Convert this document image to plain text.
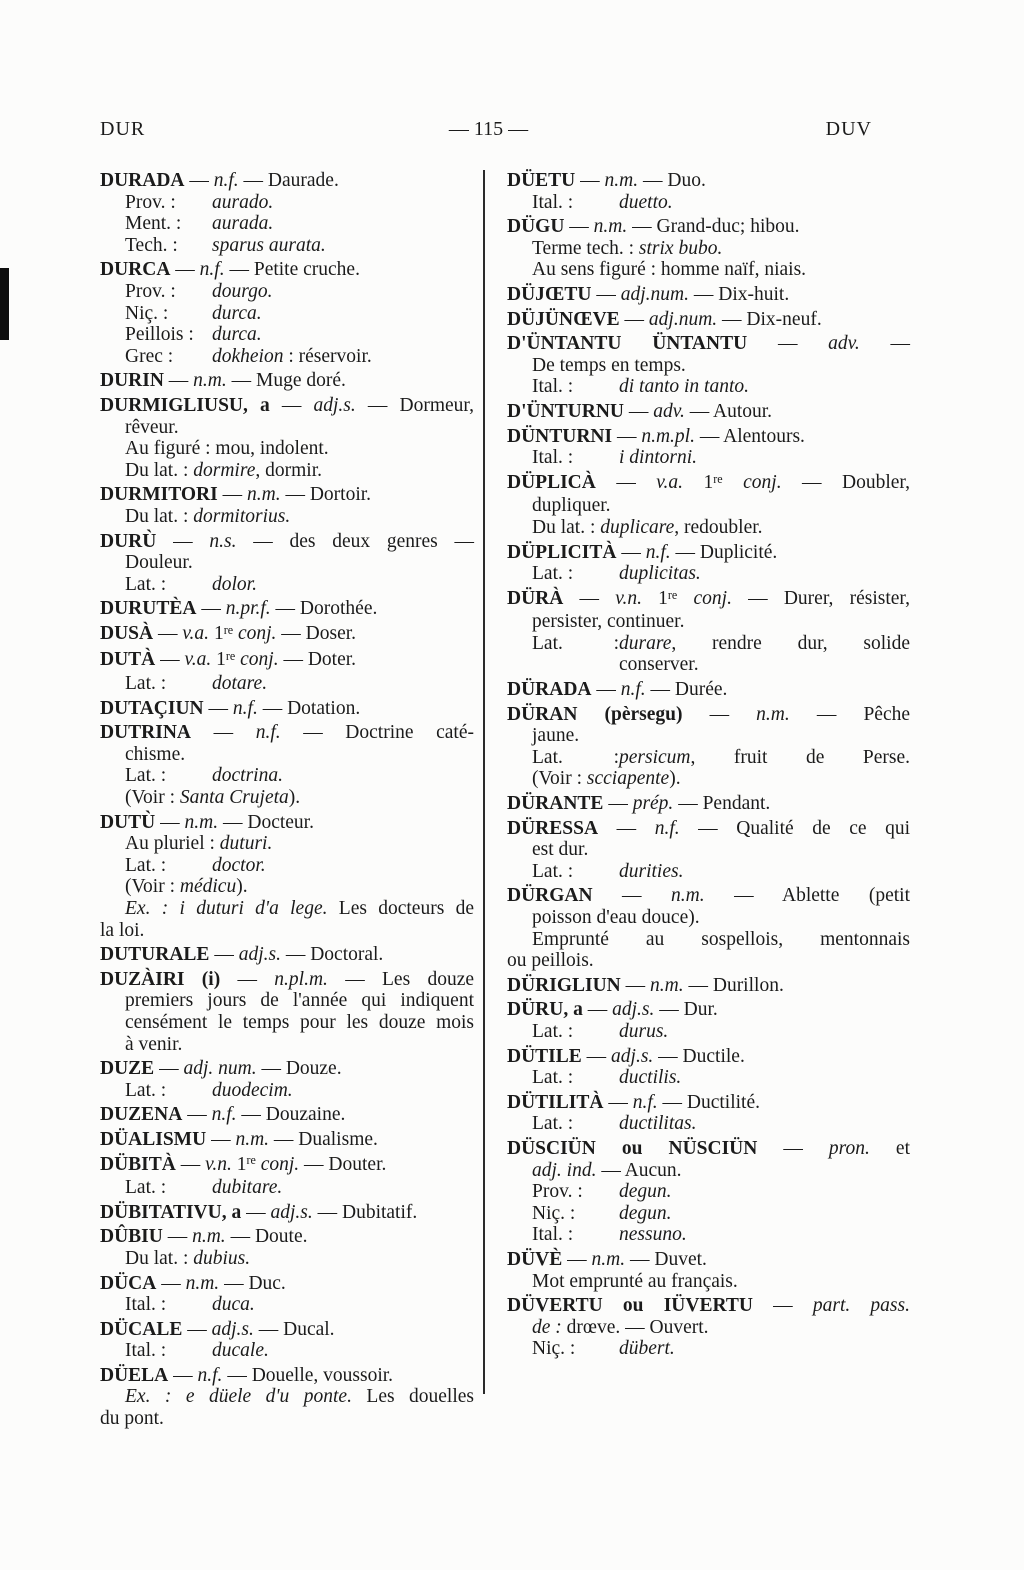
DUR	— 115 —	DUV
DURADA — n.f. — Daurade.
Prov. : aurado.
Ment. : aurada.
Tech. : sparus aurata.
DURCA — n.f. — Petite cruche.
Prov. : dourgo.
Niç. : durca.
Peillois : durca.
Grec : dokheion : réservoir.
DURIN — n.m. — Muge doré.
DURMIGLIUSU, a — adj.s. — Dormeur,
rêveur.
Au figuré : mou, indolent.
Du lat. : dormire, dormir.
DURMITORI — n.m. — Dortoir.
Du lat. : dormitorius.
DURÙ — n.s. — des deux genres —
Douleur.
Lat. : dolor.
DURUTÈA — n.pr.f. — Dorothée.
DUSÀ — v.a. 1re conj. — Doser.
DUTÀ — v.a. 1re conj. — Doter.
Lat. : dotare.
DUTAÇIUN — n.f. — Dotation.
DUTRINA — n.f. — Doctrine caté-
chisme.
Lat. : doctrina.
(Voir : Santa Crujeta).
DUTÙ — n.m. — Docteur.
Au pluriel : duturi.
Lat. : doctor.
(Voir : médicu).
Ex. : i duturi d'a lege. Les docteurs de
la loi.
DUTURALE — adj.s. — Doctoral.
DUZÀIRI (i) — n.pl.m. — Les douze
premiers jours de l'année qui indiquent
censément le temps pour les douze mois
à venir.
DUZE — adj. num. — Douze.
Lat. : duodecim.
DUZENA — n.f. — Douzaine.
DÜALISMU — n.m. — Dualisme.
DÜBITÀ — v.n. 1re conj. — Douter.
Lat. : dubitare.
DÜBITATIVU, a — adj.s. — Dubitatif.
DÛBIU — n.m. — Doute.
Du lat. : dubius.
DÜCA — n.m. — Duc.
Ital. : duca.
DÜCALE — adj.s. — Ducal.
Ital. : ducale.
DÜELA — n.f. — Douelle, voussoir.
Ex. : e düele d'u ponte. Les douelles
du pont.
DÜETU — n.m. — Duo.
Ital. : duetto.
DÜGU — n.m. — Grand-duc; hibou.
Terme tech. : strix bubo.
Au sens figuré : homme naïf, niais.
DÜJŒTU — adj.num. — Dix-huit.
DÜJÜNŒVE — adj.num. — Dix-neuf.
D'ÜNTANTU ÜNTANTU — adv. —
De temps en temps.
Ital. : di tanto in tanto.
D'ÜNTURNU — adv. — Autour.
DÜNTURNI — n.m.pl. — Alentours.
Ital. : i dintorni.
DÜPLICÀ — v.a. 1re conj. — Doubler,
dupliquer.
Du lat. : duplicare, redoubler.
DÜPLICITÀ — n.f. — Duplicité.
Lat. : duplicitas.
DÜRÀ — v.n. 1re conj. — Durer, résister,
persister, continuer.
Lat. :durare, rendre dur, solide
conserver.
DÜRADA — n.f. — Durée.
DÜRAN (pèrsegu) — n.m. — Pêche
jaune.
Lat. :persicum, fruit de Perse.
(Voir : scciapente).
DÜRANTE — prép. — Pendant.
DÜRESSA — n.f. — Qualité de ce qui
est dur.
Lat. : durities.
DÜRGAN — n.m. — Ablette (petit
poisson d'eau douce).
Emprunté au sospellois, mentonnais
ou peillois.
DÜRIGLIUN — n.m. — Durillon.
DÜRU, a — adj.s. — Dur.
Lat. : durus.
DÜTILE — adj.s. — Ductile.
Lat. : ductilis.
DÜTILITÀ — n.f. — Ductilité.
Lat. : ductilitas.
DÜSCIÜN ou NÜSCIÜN — pron. et
adj. ind. — Aucun.
Prov. : degun.
Niç. : degun.
Ital. : nessuno.
DÜVÈ — n.m. — Duvet.
Mot emprunté au français.
DÜVERTU ou IÜVERTU — part. pass.
de : drœve. — Ouvert.
Niç. : dübert.
